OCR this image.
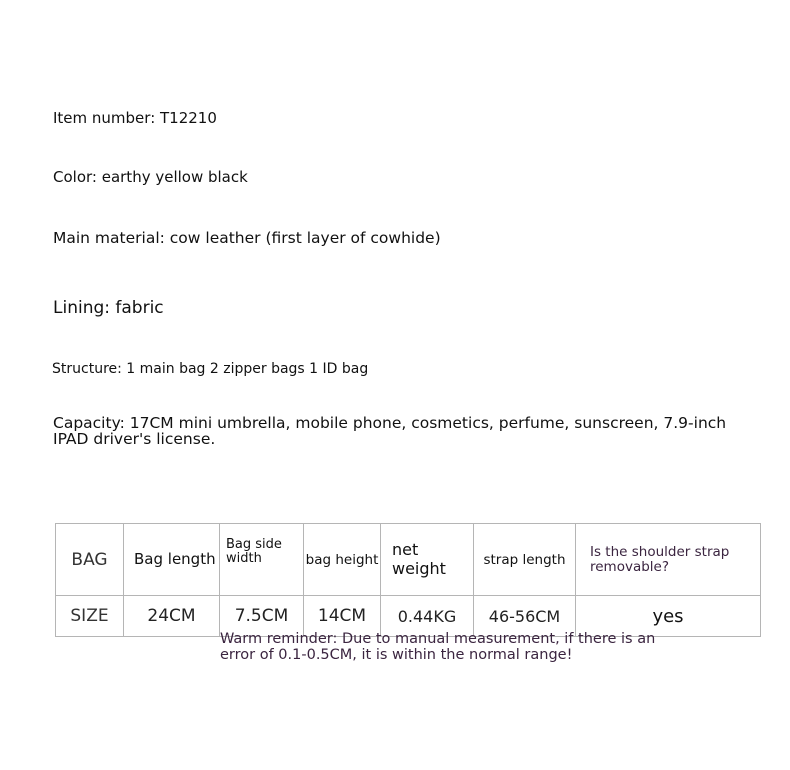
Item number: T12210

Color: earthy yellow black

Main material: cow leather (first layer of cowhide)

Lining: fabric

Structure: 1 main bag 2 zipper bags 1 ID bag

Capacity: 17CM mini umbrella, mobile phone, cosmetics, perfume, sunscreen, 7.9-inch IPAD driver's license.

BAG	Bag length	Bag side width	bag height	net weight	strap length	Is the shoulder strap removable?
SIZE	24CM	7.5CM	14CM	0.44KG	46-56CM	yes
Warm reminder: Due to manual measurement, if there is an error of 0.1-0.5CM, it is within the normal range!
